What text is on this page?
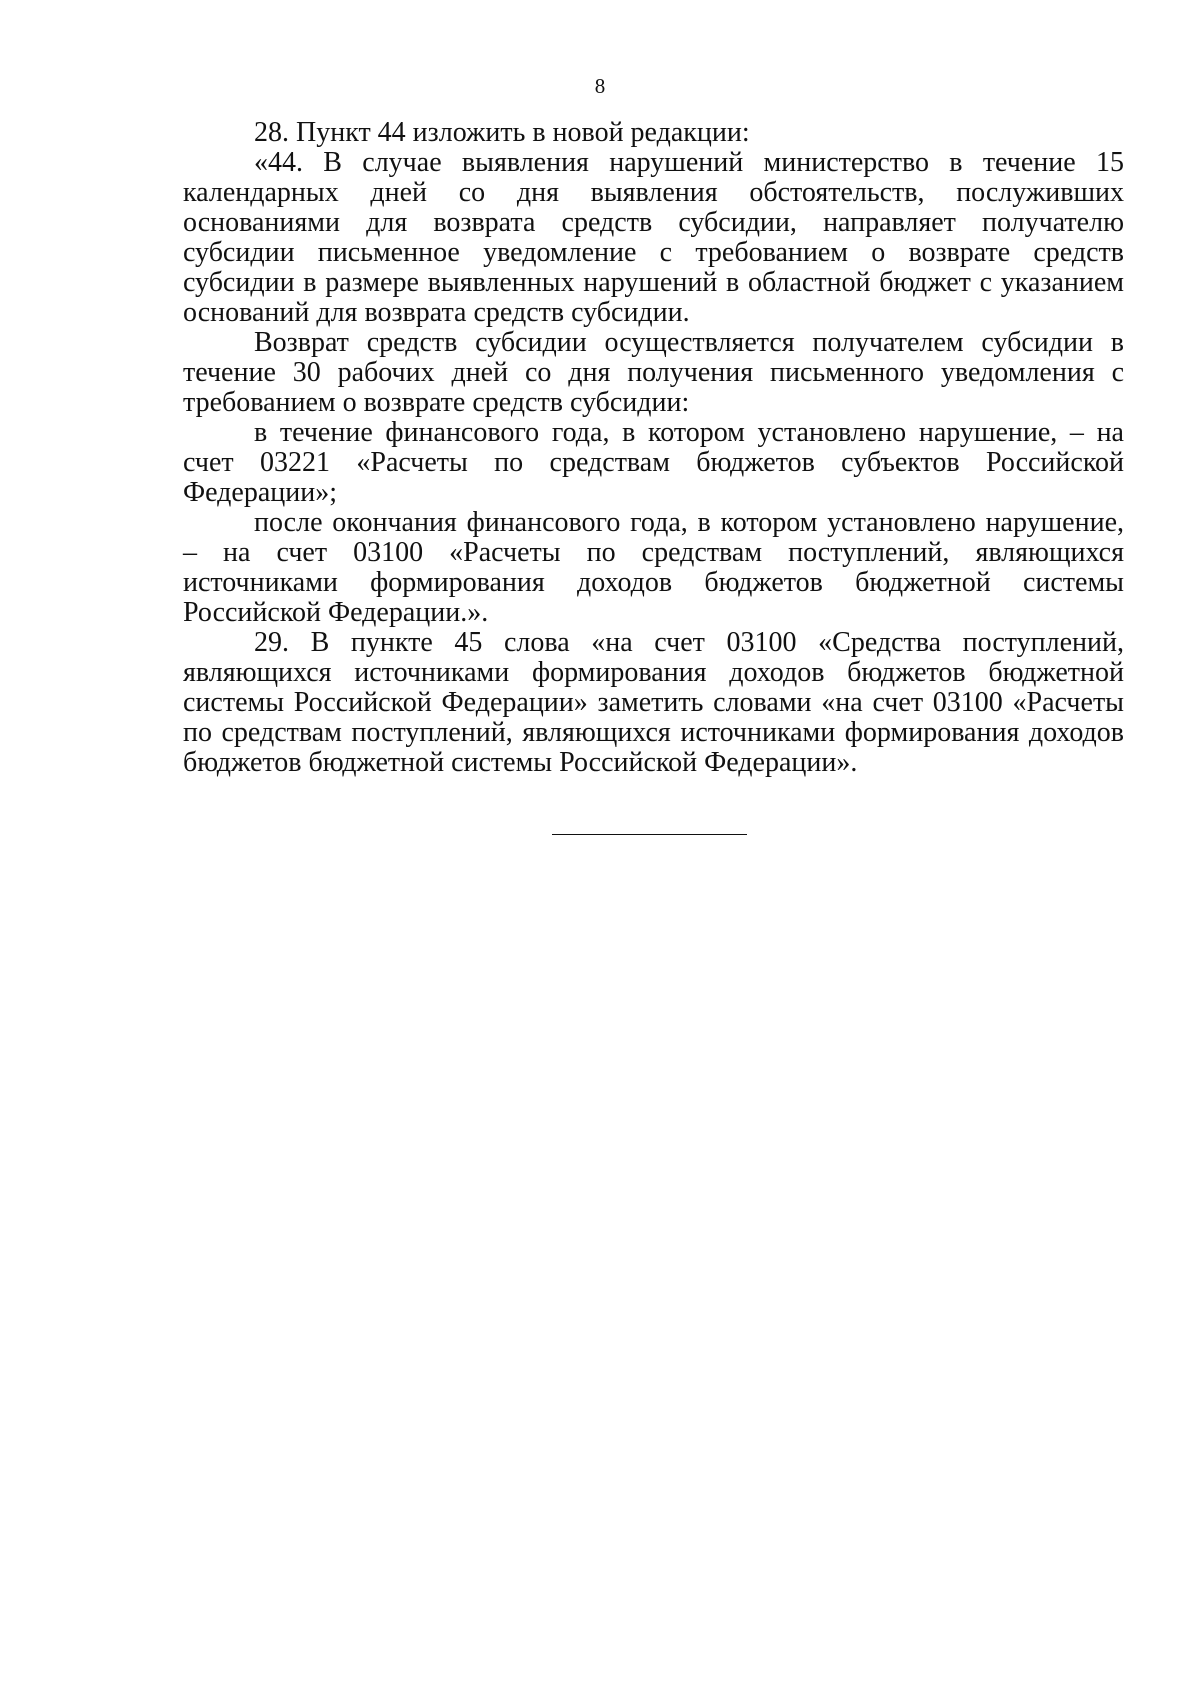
8

28. Пункт 44 изложить в новой редакции:

«44. В случае выявления нарушений министерство в течение 15 календарных дней со дня выявления обстоятельств, послуживших основаниями для возврата средств субсидии, направляет получателю субсидии письменное уведомление с требованием о возврате средств субсидии в размере выявленных нарушений в областной бюджет с указанием оснований для возврата средств субсидии.

Возврат средств субсидии осуществляется получателем субсидии в течение 30 рабочих дней со дня получения письменного уведомления с требованием о возврате средств субсидии:

в течение финансового года, в котором установлено нарушение, – на счет 03221 «Расчеты по средствам бюджетов субъектов Российской Федерации»;

после окончания финансового года, в котором установлено нарушение, – на счет 03100 «Расчеты по средствам поступлений, являющихся источниками формирования доходов бюджетов бюджетной системы Российской Федерации.».

29. В пункте 45 слова «на счет 03100 «Средства поступлений, являющихся источниками формирования доходов бюджетов бюджетной системы Российской Федерации» заметить словами «на счет 03100 «Расчеты по средствам поступлений, являющихся источниками формирования доходов бюджетов бюджетной системы Российской Федерации».
